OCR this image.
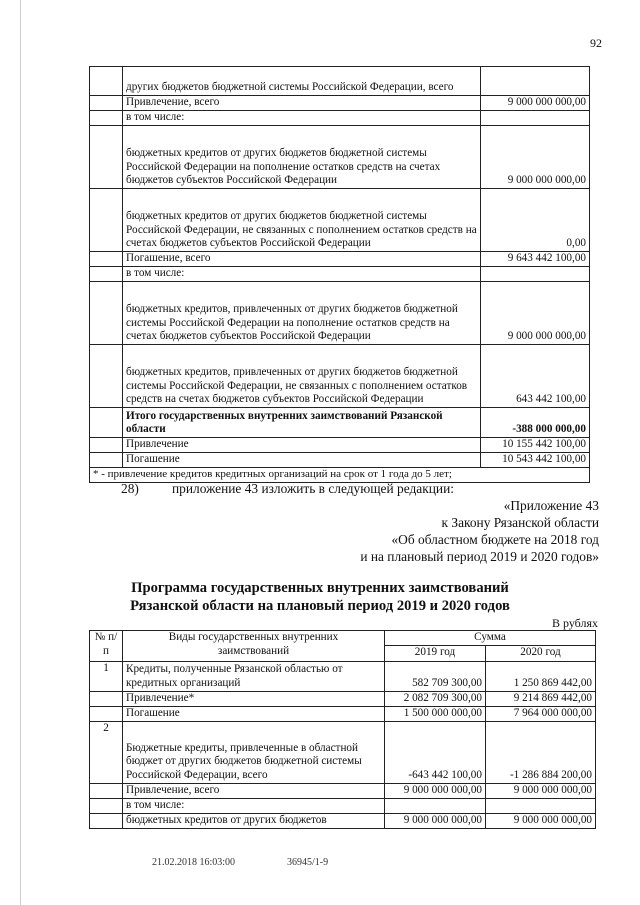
92
	других бюджетов бюджетной системы Российской Федерации, всего	
	Привлечение, всего	9 000 000 000,00
	в том числе:	
	бюджетных кредитов от других бюджетов бюджетной системы Российской Федерации на пополнение остатков средств на счетах бюджетов субъектов Российской Федерации	9 000 000 000,00
	бюджетных кредитов от других бюджетов бюджетной системы Российской Федерации, не связанных с пополнением остатков средств на счетах бюджетов субъектов Российской Федерации	0,00
	Погашение, всего	9 643 442 100,00
	в том числе:	
	бюджетных кредитов, привлеченных от других бюджетов бюджетной системы Российской Федерации на пополнение остатков средств на счетах бюджетов субъектов Российской Федерации	9 000 000 000,00
	бюджетных кредитов, привлеченных от других бюджетов бюджетной системы Российской Федерации, не связанных с пополнением остатков средств на счетах бюджетов субъектов Российской Федерации	643 442 100,00
	Итого государственных внутренних заимствований Рязанской области	-388 000 000,00
	Привлечение	10 155 442 100,00
	Погашение	10 543 442 100,00
* - привлечение кредитов кредитных организаций на срок от 1 года до 5 лет;		
28) приложение 43 изложить в следующей редакции:
«Приложение 43
к Закону Рязанской области
«Об областном бюджете на 2018 год
и на плановый период 2019 и 2020 годов»
Программа государственных внутренних заимствований
Рязанской области на плановый период 2019 и 2020 годов
В рублях
№ п/п	Виды государственных внутренних заимствований	Сумма	
		2019 год	2020 год
1	Кредиты, полученные Рязанской областью от кредитных организаций	582 709 300,00	1 250 869 442,00
	Привлечение*	2 082 709 300,00	9 214 869 442,00
	Погашение	1 500 000 000,00	7 964 000 000,00
2	Бюджетные кредиты, привлеченные в областной бюджет от других бюджетов бюджетной системы Российской Федерации, всего	-643 442 100,00	-1 286 884 200,00
	Привлечение, всего	9 000 000 000,00	9 000 000 000,00
	в том числе:		
	бюджетных кредитов от других бюджетов	9 000 000 000,00	9 000 000 000,00
21.02.2018 16:03:00	36945/1-9
